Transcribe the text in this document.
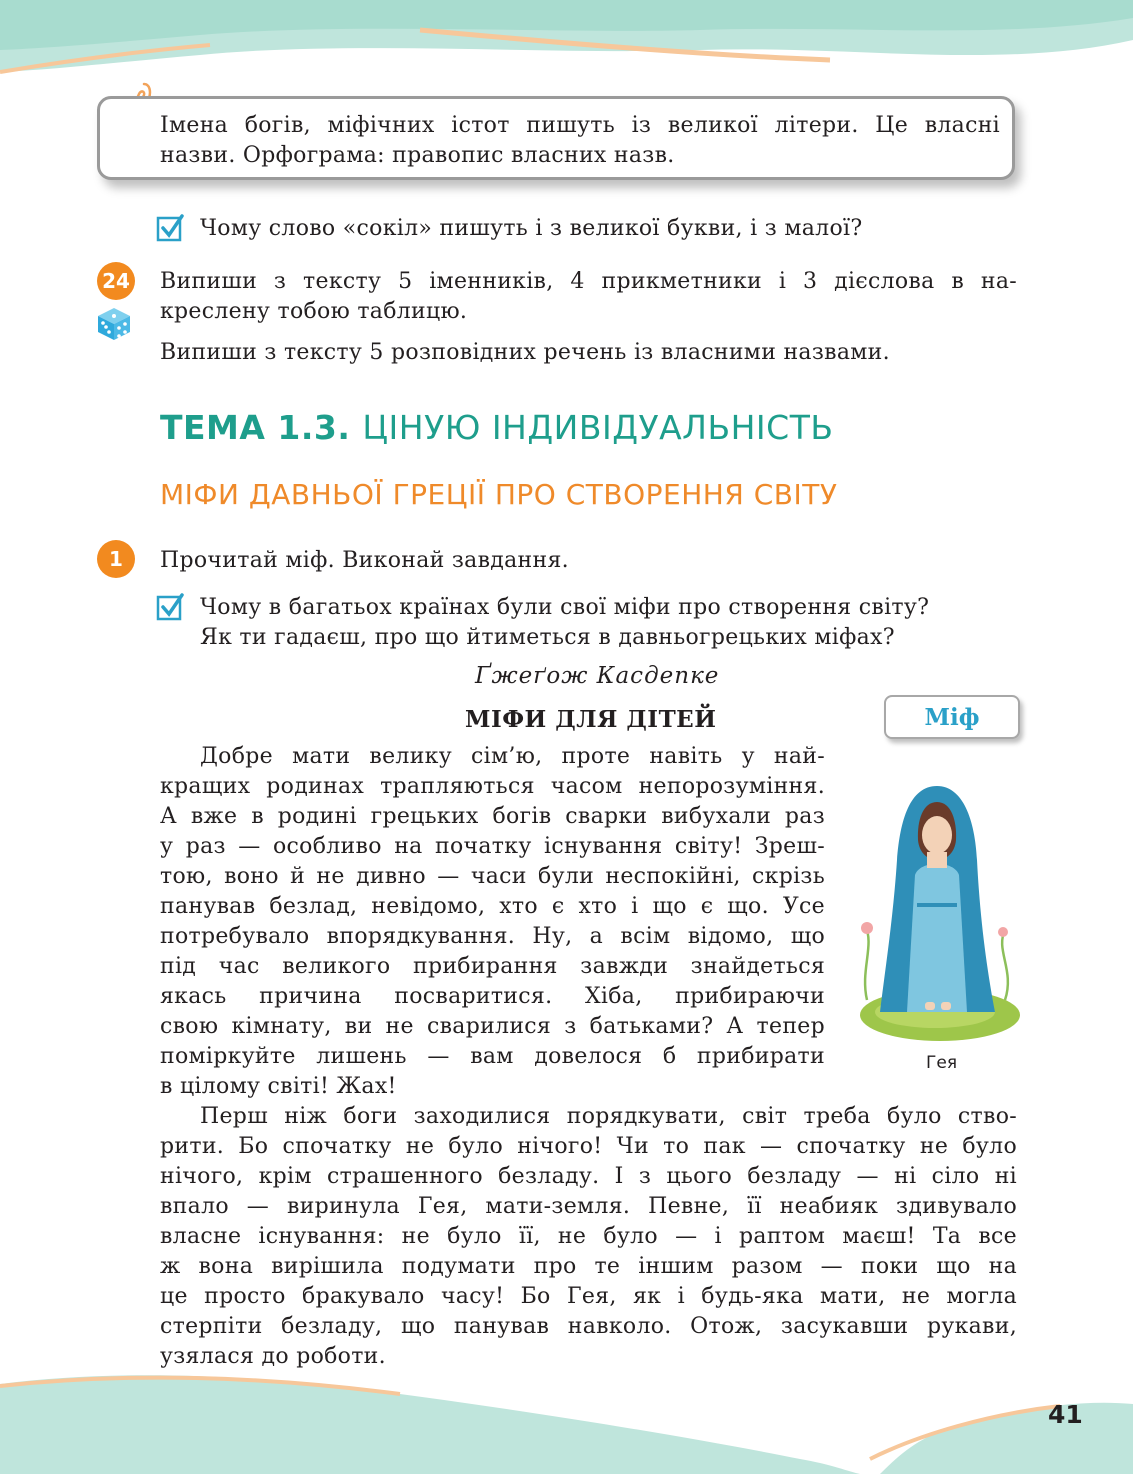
Імена богів, міфічних істот пишуть із великої літери. Це власні
назви. Орфограма: правопис власних назв.
Чому слово «сокіл» пишуть і з великої букви, і з малої?
24 Випиши з тексту 5 іменників, 4 прикметники і 3 дієслова в на-
креслену тобою таблицю.
Випиши з тексту 5 розповідних речень із власними назвами.
ТЕМА 1.3. ЦІНУЮ ІНДИВІДУАЛЬНІСТЬ
МІФИ ДАВНЬОЇ ГРЕЦІЇ ПРО СТВОРЕННЯ СВІТУ
1	Прочитай міф. Виконай завдання.
Чому в багатьох країнах були свої міфи про створення світу?
Як ти гадаєш, про що йтиметься в давньогрецьких міфах?
Ґжеґож Касдепке
МІФИ ДЛЯ ДІТЕЙ	Міф
Добре мати велику сім’ю, проте навіть у най-
кращих родинах трапляються часом непорозуміння.
А вже в родині грецьких богів сварки вибухали раз
у раз — особливо на початку існування світу! Зреш-
тою, воно й не дивно — часи були неспокійні, скрізь
панував безлад, невідомо, хто є хто і що є що. Усе
потребувало впорядкування. Ну, а всім відомо, що
під час великого прибирання завжди знайдеться
якась причина посваритися. Хіба, прибираючи
свою кімнату, ви не сварилися з батьками? А тепер
поміркуйте лишень — вам довелося б прибирати
в цілому світі! Жах!
Гея
Перш ніж боги заходилися порядкувати, світ треба було ство-
рити. Бо спочатку не було нічого! Чи то пак — спочатку не було
нічого, крім страшенного безладу. І з цього безладу — ні сіло ні
впало — виринула Гея, мати-земля. Певне, її неабияк здивувало
власне існування: не було її, не було — і раптом маєш! Та все
ж вона вирішила подумати про те іншим разом — поки що на
це просто бракувало часу! Бо Гея, як і будь-яка мати, не могла
стерпіти безладу, що панував навколо. Отож, засукавши рукави,
узялася до роботи.
41
